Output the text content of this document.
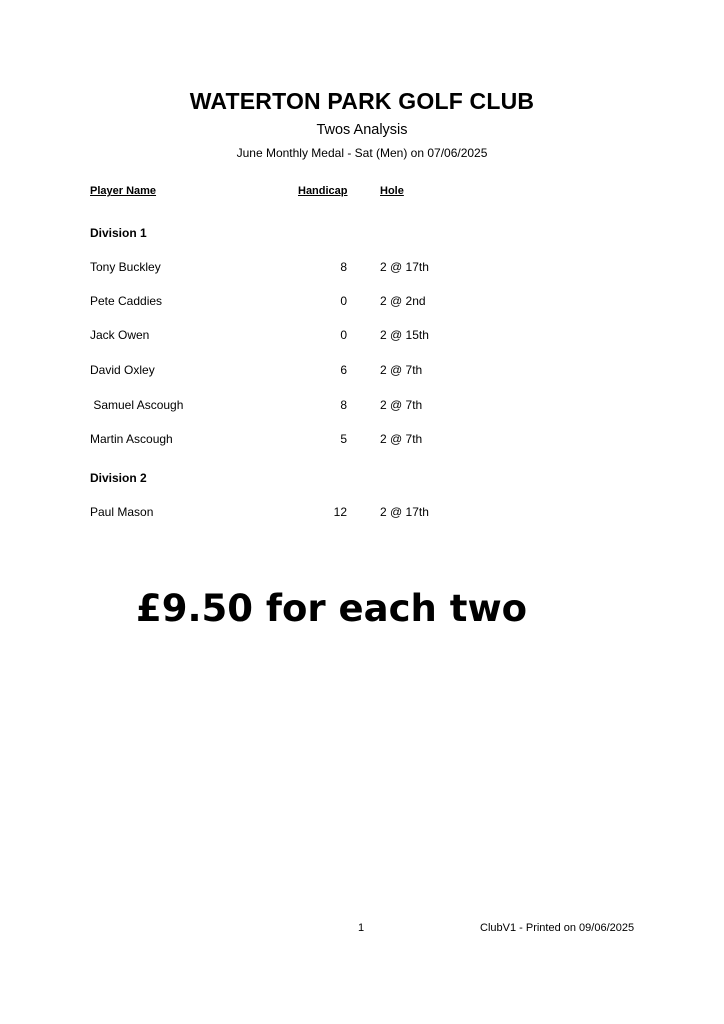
WATERTON PARK GOLF CLUB
Twos Analysis
June Monthly Medal - Sat (Men) on 07/06/2025
Player Name	Handicap	Hole
Division 1
Tony Buckley	8	2 @ 17th
Pete Caddies	0	2 @ 2nd
Jack Owen	0	2 @ 15th
David Oxley	6	2 @ 7th
Samuel Ascough	8	2 @ 7th
Martin Ascough	5	2 @ 7th
Division 2
Paul Mason	12	2 @ 17th
£9.50 for each two
1	ClubV1 - Printed on 09/06/2025
